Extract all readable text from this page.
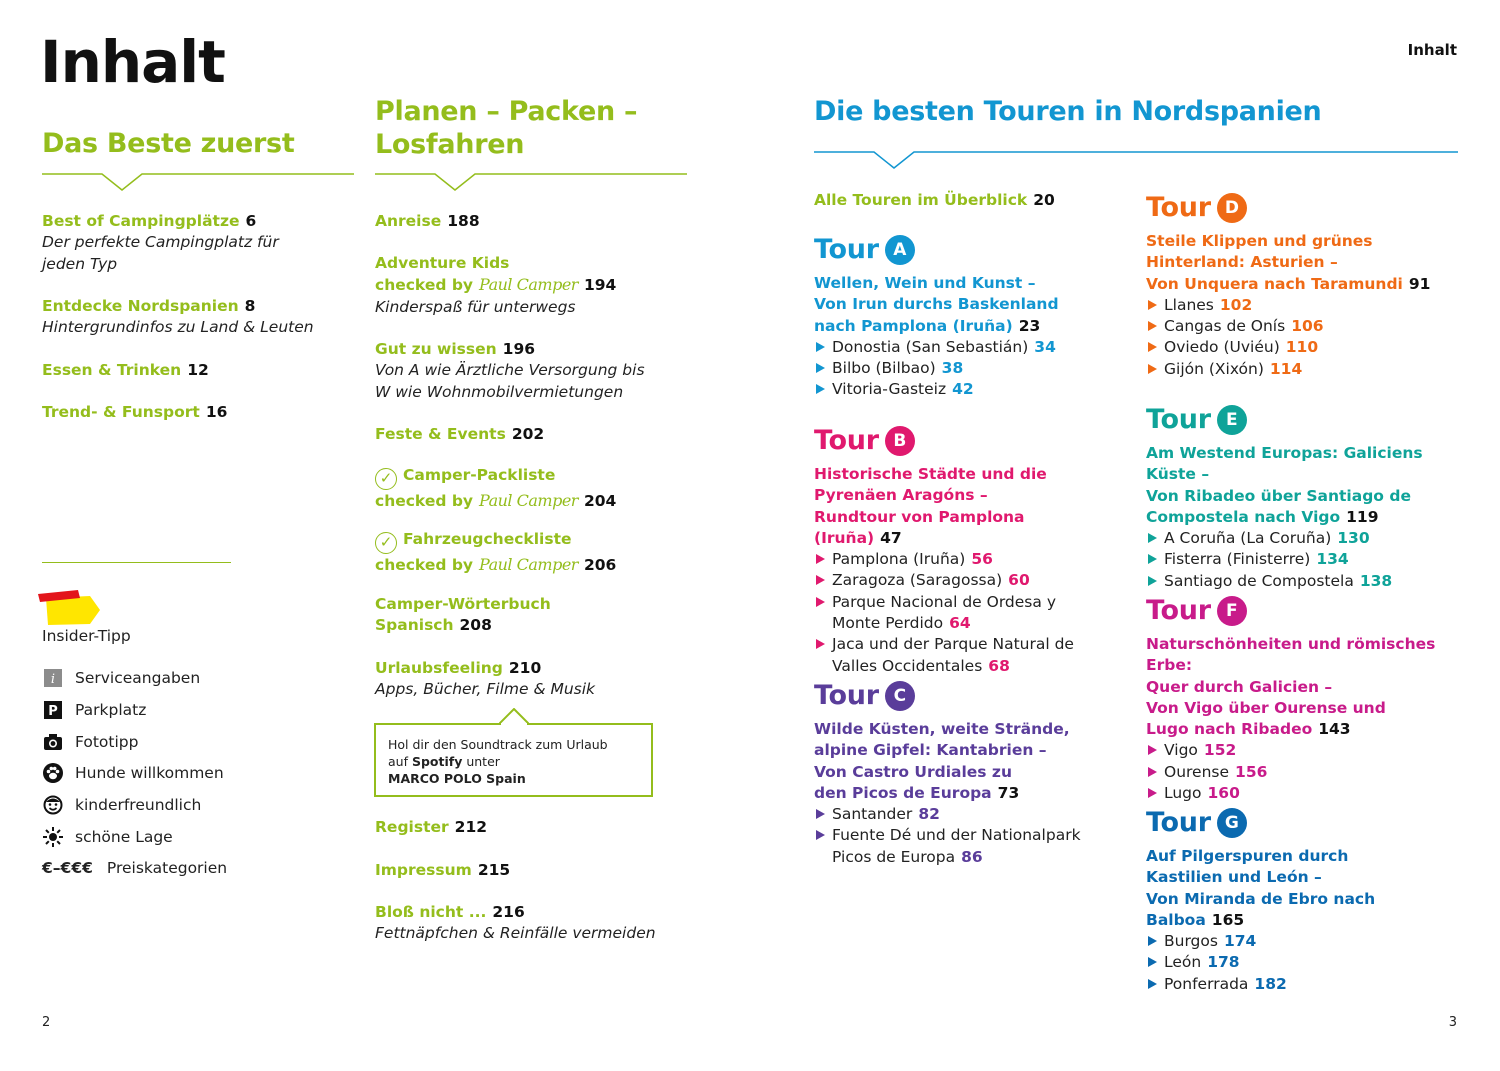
Inhalt	Inhalt
2	3
Das Beste zuerst
Best of Campingplätze 6
Der perfekte Campingplatz für
jeden Typ
Entdecke Nordspanien 8
Hintergrundinfos zu Land & Leuten
Essen & Trinken 12
Trend- & Funsport 16
Insider-Tipp
i Serviceangaben
P Parkplatz
Fototipp
Hunde willkommen
kinderfreundlich
schöne Lage
€–€€€ Preiskategorien
Planen – Packen –
Losfahren
Anreise 188
Adventure Kids
checked by Paul Camper 194
Kinderspaß für unterwegs
Gut zu wissen 196
Von A wie Ärztliche Versorgung bis
W wie Wohnmobilvermietungen
Feste & Events 202
✓ Camper-Packliste
checked by Paul Camper 204
✓ Fahrzeugcheckliste
checked by Paul Camper 206
Camper-Wörterbuch
Spanisch 208
Urlaubsfeeling 210
Apps, Bücher, Filme & Musik
Hol dir den Soundtrack zum Urlaub
auf Spotify unter
MARCO POLO Spain
Register 212
Impressum 215
Bloß nicht ... 216
Fettnäpfchen & Reinfälle vermeiden
Die besten Touren in Nordspanien
Alle Touren im Überblick 20
Tour A
Wellen, Wein und Kunst –
Von Irun durchs Baskenland
nach Pamplona (Iruña) 23
Donostia (San Sebastián) 34
Bilbo (Bilbao) 38
Vitoria-Gasteiz 42
Tour B
Historische Städte und die
Pyrenäen Aragóns –
Rundtour von Pamplona (Iruña) 47
Pamplona (Iruña) 56
Zaragoza (Saragossa) 60
Parque Nacional de Ordesa y
Monte Perdido 64
Jaca und der Parque Natural de
Valles Occidentales 68
Tour C
Wilde Küsten, weite Strände,
alpine Gipfel: Kantabrien –
Von Castro Urdiales zu
den Picos de Europa 73
Santander 82
Fuente Dé und der Nationalpark
Picos de Europa 86
Tour D
Steile Klippen und grünes
Hinterland: Asturien –
Von Unquera nach Taramundi 91
Llanes 102
Cangas de Onís 106
Oviedo (Uviéu) 110
Gijón (Xixón) 114
Tour E
Am Westend Europas: Galiciens Küste –
Von Ribadeo über Santiago de
Compostela nach Vigo 119
A Coruña (La Coruña) 130
Fisterra (Finisterre) 134
Santiago de Compostela 138
Tour F
Naturschönheiten und römisches Erbe:
Quer durch Galicien –
Von Vigo über Ourense und
Lugo nach Ribadeo 143
Vigo 152
Ourense 156
Lugo 160
Tour G
Auf Pilgerspuren durch
Kastilien und León –
Von Miranda de Ebro nach Balboa 165
Burgos 174
León 178
Ponferrada 182
